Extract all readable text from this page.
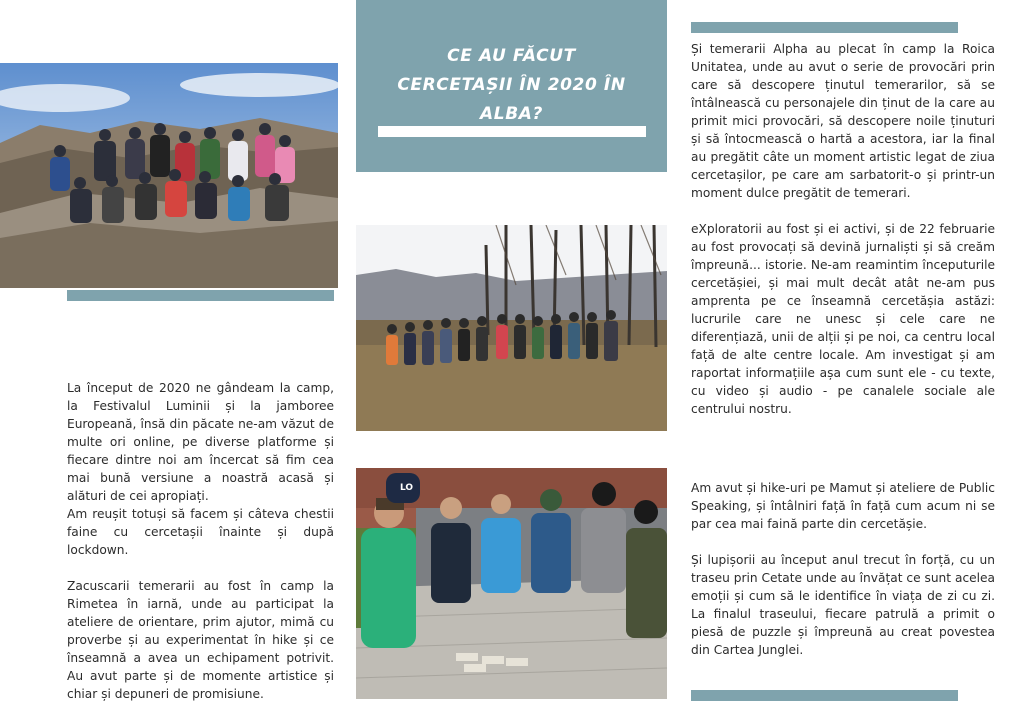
CE AU FĂCUT CERCETAȘII ÎN 2020 ÎN ALBA?
LO

La început de 2020 ne gândeam la camp, la Festivalul Luminii și la jamboree Europeană, însă din păcate ne-am văzut de multe ori online, pe diverse platforme și fiecare dintre noi am încercat să fim cea mai bună versiune a noastră acasă și alături de cei apropiați.

Am reușit totuși să facem și câteva chestii faine cu cercetașii înainte și după lockdown.

Zacuscarii temerarii au fost în camp la Rimetea în iarnă, unde au participat la ateliere de orientare, prim ajutor, mimă cu proverbe și au experimentat în hike și ce înseamnă a avea un echipament potrivit. Au avut parte și de momente artistice și chiar și depuneri de promisiune.

Și temerarii Alpha au plecat în camp la Roica Unitatea, unde au avut o serie de provocări prin care să descopere ținutul temerarilor, să se întâlnească cu personajele din ținut de la care au primit mici provocări, să descopere noile ținuturi și să întocmească o hartă a acestora, iar la final au pregătit câte un moment artistic legat de ziua cercetașilor, pe care am sarbatorit-o și printr-un moment dulce pregătit de temerari.

eXploratorii au fost și ei activi, și de 22 februarie au fost provocați să devină jurnaliști și să creăm împreună... istorie. Ne-am reamintim începuturile cercetășiei, și mai mult decât atât ne-am pus amprenta pe ce înseamnă cercetășia astăzi: lucrurile care ne unesc și cele care ne diferențiază, unii de alții și pe noi, ca centru local față de alte centre locale. Am investigat și am raportat informațiile așa cum sunt ele - cu texte, cu video și audio - pe canalele sociale ale centrului nostru.

Am avut și hike-uri pe Mamut și ateliere de Public Speaking, și întâlniri față în față cum acum ni se par cea mai faină parte din cercetășie.

Și lupișorii au început anul trecut în forță, cu un traseu prin Cetate unde au învățat ce sunt acelea emoții și cum să le identifice în viața de zi cu zi. La finalul traseului, fiecare patrulă a primit o piesă de puzzle și împreună au creat povestea din Cartea Junglei.
